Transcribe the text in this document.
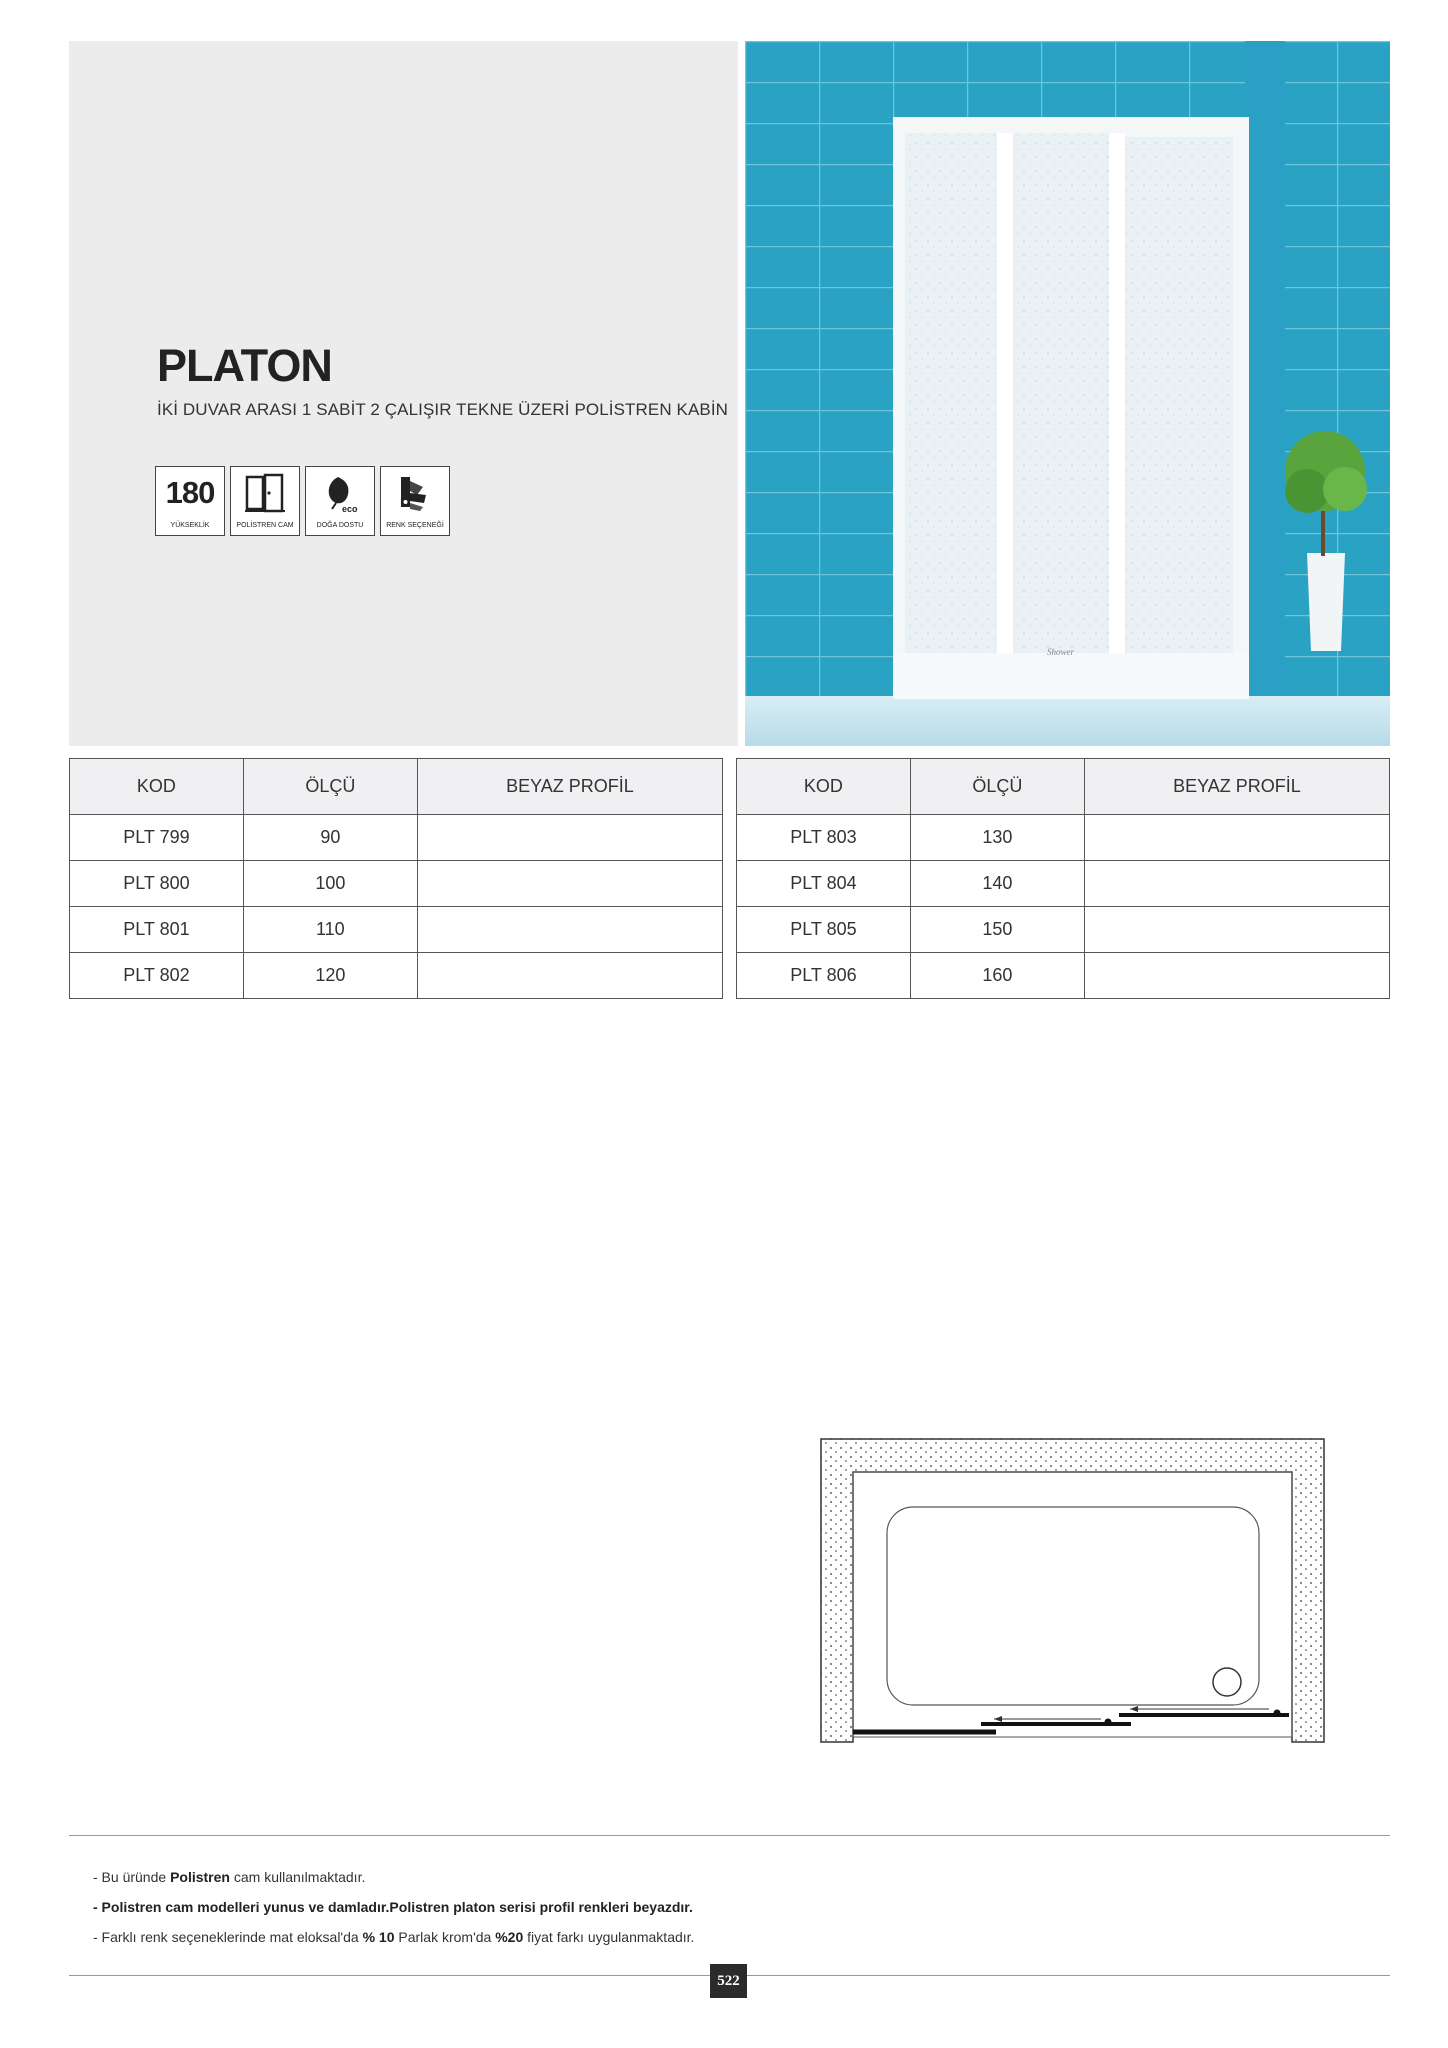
PLATON
İKİ DUVAR ARASI 1 SABİT 2 ÇALIŞIR TEKNE ÜZERİ POLİSTREN KABİN
180
YÜKSEKLİK	POLİSTREN CAM
eco
DOĞA DOSTU	RENK SEÇENEĞİ
Shower
KOD	ÖLÇÜ	BEYAZ PROFİL
PLT 799	90	
PLT 800	100	
PLT 801	110	
PLT 802	120	
KOD	ÖLÇÜ	BEYAZ PROFİL
PLT 803	130	
PLT 804	140	
PLT 805	150	
PLT 806	160	
- Bu üründe Polistren cam kullanılmaktadır.
- Polistren cam modelleri yunus ve damladır.Polistren platon serisi profil renkleri beyazdır.
- Farklı renk seçeneklerinde mat eloksal'da % 10 Parlak krom'da %20 fiyat farkı uygulanmaktadır.
522
